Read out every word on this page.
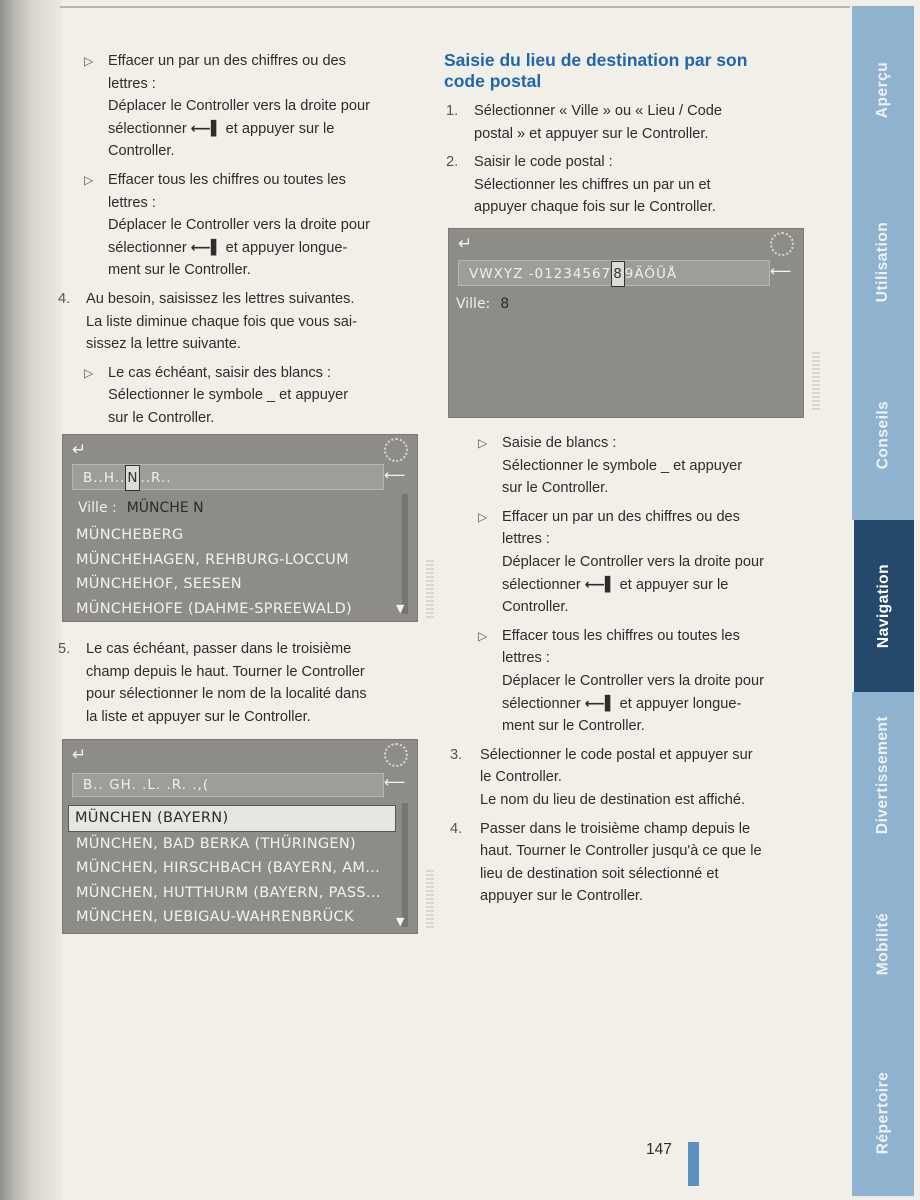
▷ Effacer un par un des chiffres ou des
lettres :
Déplacer le Controller vers la droite pour
sélectionner ⟵▌ et appuyer sur le
Controller.
▷ Effacer tous les chiffres ou toutes les
lettres :
Déplacer le Controller vers la droite pour
sélectionner ⟵▌ et appuyer longue-
ment sur le Controller.
4. Au besoin, saisissez les lettres suivantes.
La liste diminue chaque fois que vous sai-
sissez la lettre suivante.
▷ Le cas échéant, saisir des blancs :
Sélectionner le symbole _ et appuyer
sur le Controller.
↵
B..H.. N ..R..	⟵
Ville : MÜNCHE N
MÜNCHEBERG
MÜNCHEHAGEN, REHBURG-LOCCUM
MÜNCHEHOF, SEESEN
MÜNCHEHOFE (DAHME-SPREEWALD)	▼
5. Le cas échéant, passer dans le troisième
champ depuis le haut. Tourner le Controller
pour sélectionner le nom de la localité dans
la liste et appuyer sur le Controller.
↵
B.. GH. .L. .R. .,(	⟵
MÜNCHEN (BAYERN)
MÜNCHEN, BAD BERKA (THÜRINGEN)
MÜNCHEN, HIRSCHBACH (BAYERN, AM...
MÜNCHEN, HUTTHURM (BAYERN, PASS...
MÜNCHEN, UEBIGAU-WAHRENBRÜCK	▼
Saisie du lieu de destination par son
code postal
1. Sélectionner « Ville » ou « Lieu / Code
postal » et appuyer sur le Controller.
2. Saisir le code postal :
Sélectionner les chiffres un par un et
appuyer chaque fois sur le Controller.
↵
VWXYZ -01234567 8 9ÄÖÜÅ	⟵
Ville: 8
▷ Saisie de blancs :
Sélectionner le symbole _ et appuyer
sur le Controller.
▷ Effacer un par un des chiffres ou des
lettres :
Déplacer le Controller vers la droite pour
sélectionner ⟵▌ et appuyer sur le
Controller.
▷ Effacer tous les chiffres ou toutes les
lettres :
Déplacer le Controller vers la droite pour
sélectionner ⟵▌ et appuyer longue-
ment sur le Controller.
3. Sélectionner le code postal et appuyer sur
le Controller.
Le nom du lieu de destination est affiché.
4. Passer dans le troisième champ depuis le
haut. Tourner le Controller jusqu'à ce que le
lieu de destination soit sélectionné et
appuyer sur le Controller.
Aperçu
Utilisation
Conseils
Navigation
Divertissement
Mobilité
Répertoire
147
